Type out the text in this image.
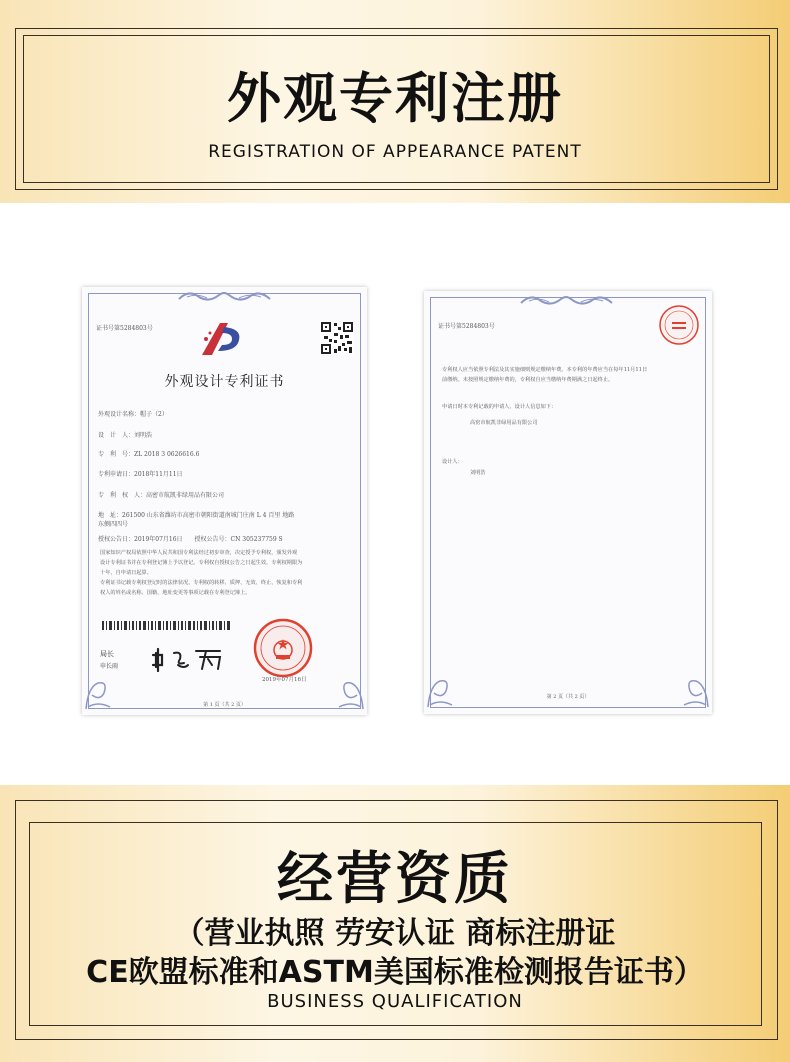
外观专利注册
REGISTRATION OF APPEARANCE PATENT
证书号第5284803号
外观设计专利证书
外观设计名称：帽子（2）
设　计　人：刘明浩
专　利　号：ZL 2018 3 0626616.6
专利申请日：2018年11月11日
专　利　权　人：高密市航凯非绿用品有限公司
地　址：261500 山东省潍坊市高密市朝阳街道南城门庄南 L 4 百里 地路东侧四四号
授权公告日：2019年07月16日　　授权公告号：CN 305237759 S
国家知识产权局依照中华人民共和国专利法经过初步审查，决定授予专利权，颁发外观
设计专利证书并在专利登记簿上予以登记。专利权自授权公告之日起生效。专利权期限为
十年，自申请日起算。
专利证书记载专利权登记时的法律状况。专利权的转移、质押、无效、终止、恢复和专利
权人的姓名或名称、国籍、地址变更等事项记载在专利登记簿上。
局长
申长雨
2019年07月16日
第 1 页（共 2 页）
证书号第5284803号
专利权人应当依照专利法及其实施细则规定缴纳年费。本专利的年费应当在每年11月11日
前缴纳。未按照规定缴纳年费的，专利权自应当缴纳年费期满之日起终止。
申请日时本专利记载的申请人、设计人信息如下：
高密市航凯非绿用品有限公司
设计人：
刘明浩
第 2 页（共 2 页）
经营资质
（营业执照 劳安认证 商标注册证
CE欧盟标准和ASTM美国标准检测报告证书）
BUSINESS QUALIFICATION
